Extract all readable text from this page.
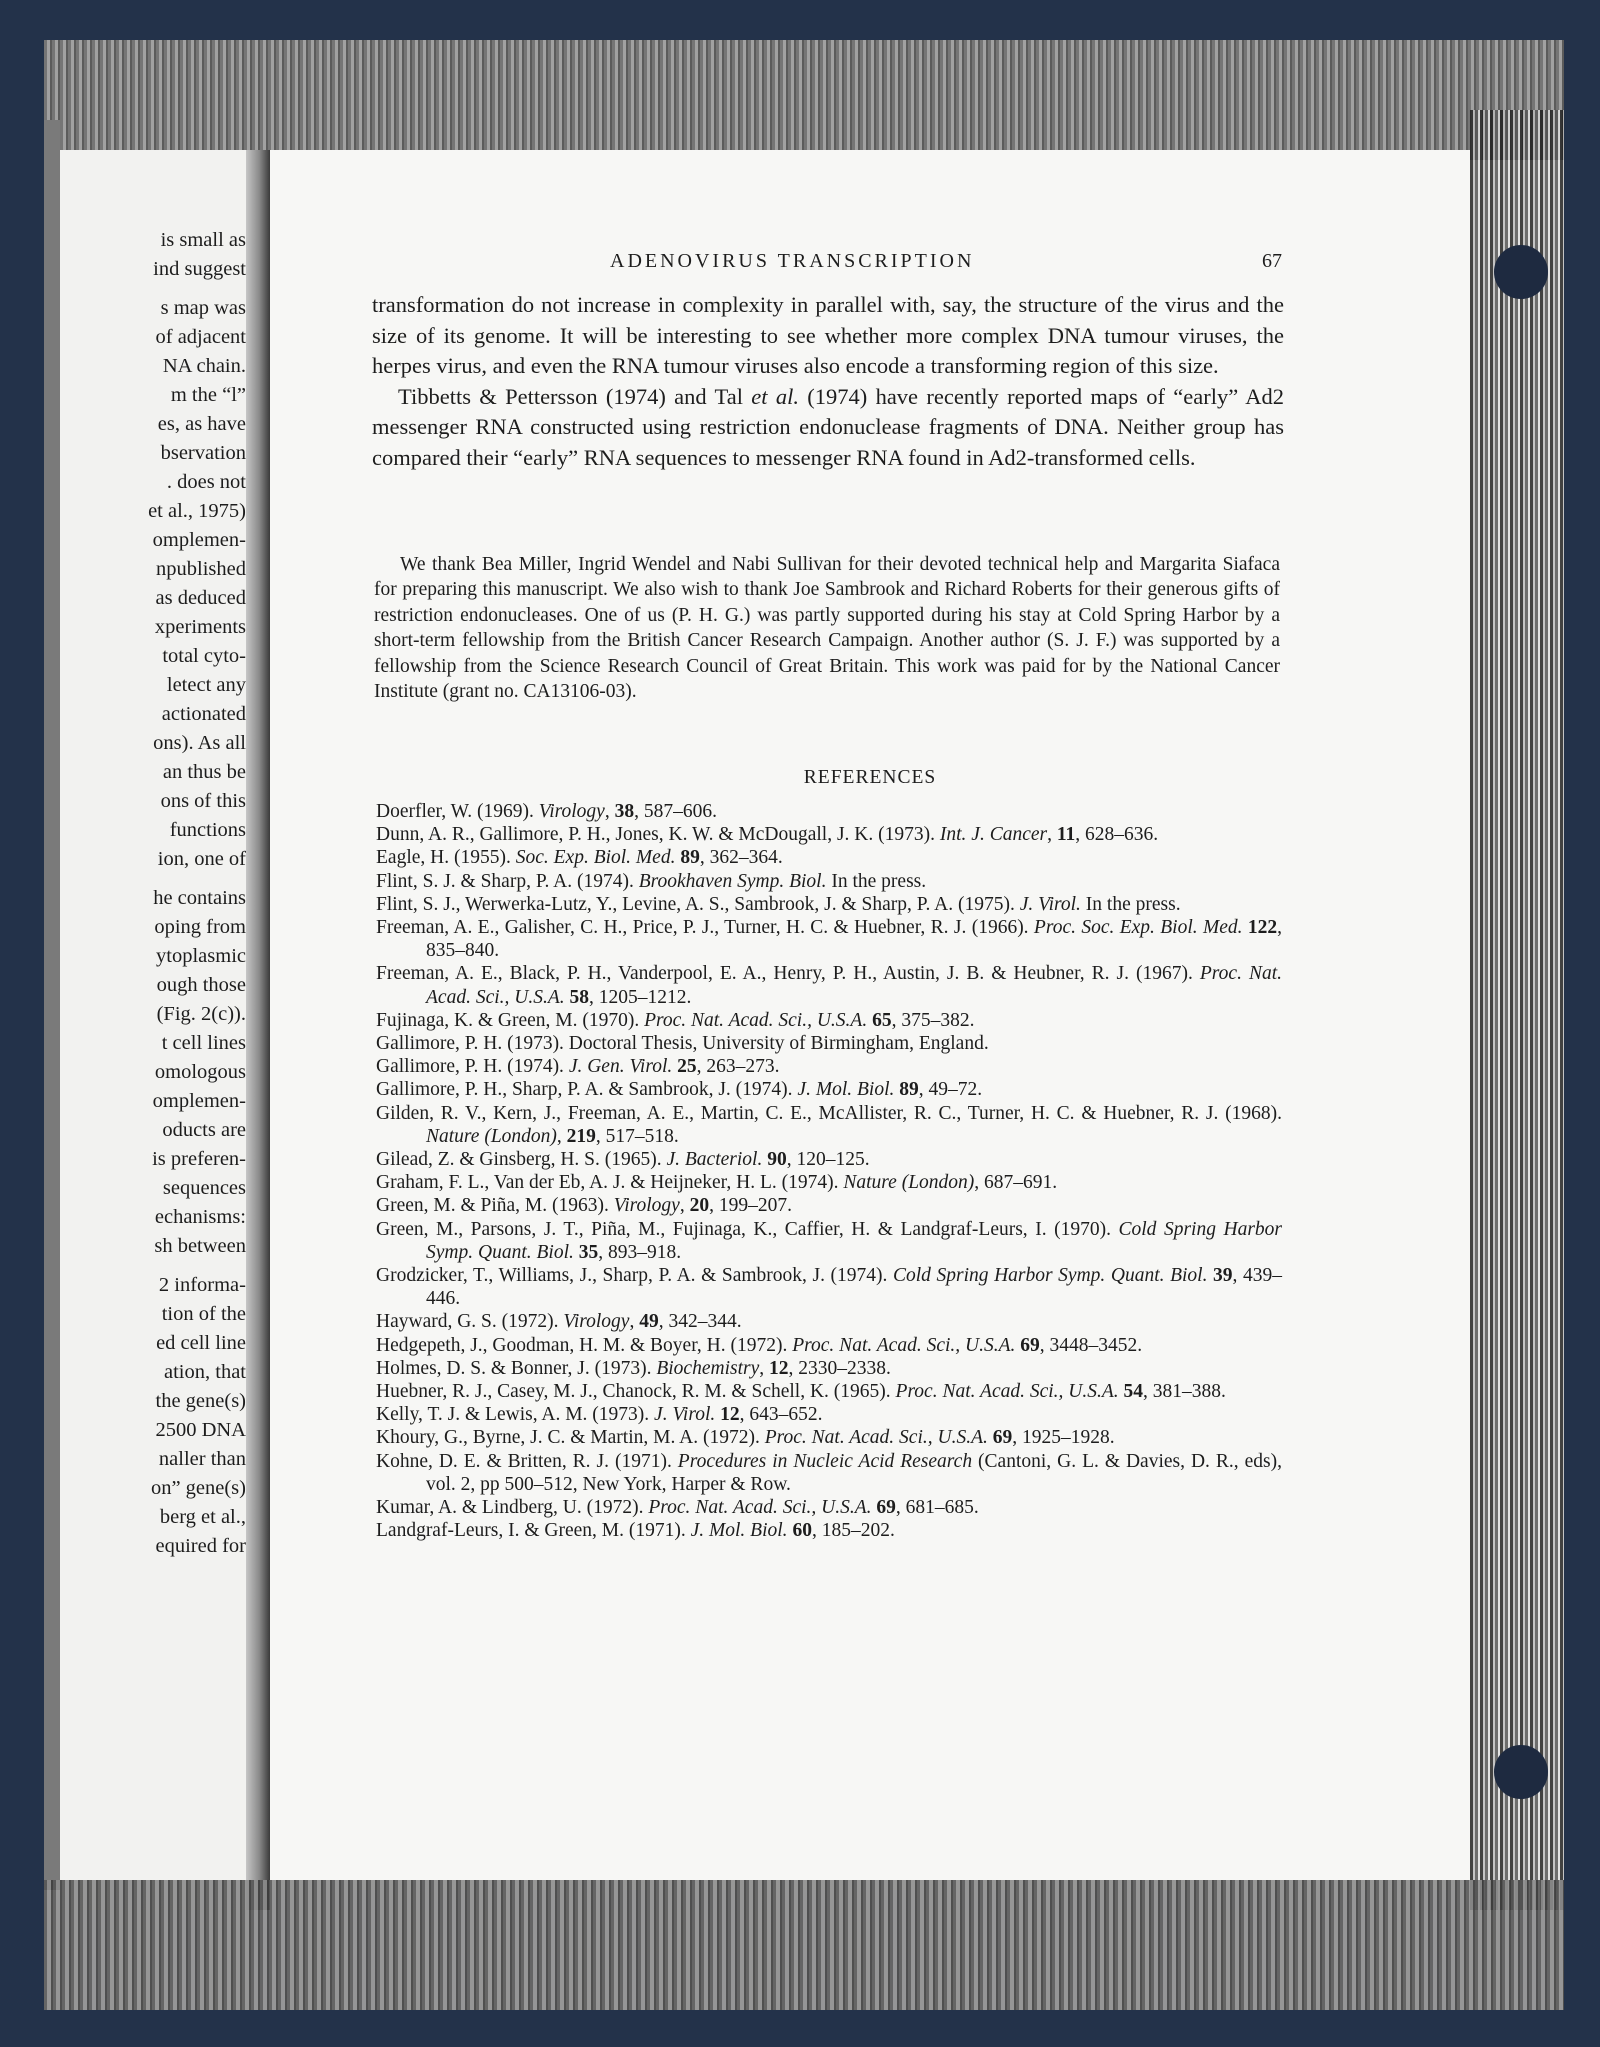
is small as
ind suggest
s map was
of adjacent
NA chain.
m the “l”
es, as have
bservation
. does not
et al., 1975)
omplemen-
npublished
as deduced
xperiments
total cyto-
letect any
actionated
ons). As all
an thus be
ons of this
functions
ion, one of
he contains
oping from
ytoplasmic
ough those
(Fig. 2(c)).
t cell lines
omologous
omplemen-
oducts are
is preferen-
sequences
echanisms:
sh between
2 informa-
tion of the
ed cell line
ation, that
the gene(s)
2500 DNA
naller than
on” gene(s)
berg et al.,
equired for
ADENOVIRUS TRANSCRIPTION	67

transformation do not increase in complexity in parallel with, say, the structure of the virus and the size of its genome. It will be interesting to see whether more complex DNA tumour viruses, the herpes virus, and even the RNA tumour viruses also encode a transforming region of this size.

Tibbetts & Pettersson (1974) and Tal et al. (1974) have recently reported maps of “early” Ad2 messenger RNA constructed using restriction endonuclease fragments of DNA. Neither group has compared their “early” RNA sequences to messenger RNA found in Ad2-transformed cells.

We thank Bea Miller, Ingrid Wendel and Nabi Sullivan for their devoted technical help and Margarita Siafaca for preparing this manuscript. We also wish to thank Joe Sambrook and Richard Roberts for their generous gifts of restriction endonucleases. One of us (P. H. G.) was partly supported during his stay at Cold Spring Harbor by a short-term fellowship from the British Cancer Research Campaign. Another author (S. J. F.) was supported by a fellowship from the Science Research Council of Great Britain. This work was paid for by the National Cancer Institute (grant no. CA13106-03).

REFERENCES
Doerfler, W. (1969). Virology, 38, 587–606.
Dunn, A. R., Gallimore, P. H., Jones, K. W. & McDougall, J. K. (1973). Int. J. Cancer, 11, 628–636.
Eagle, H. (1955). Soc. Exp. Biol. Med. 89, 362–364.
Flint, S. J. & Sharp, P. A. (1974). Brookhaven Symp. Biol. In the press.
Flint, S. J., Werwerka-Lutz, Y., Levine, A. S., Sambrook, J. & Sharp, P. A. (1975). J. Virol. In the press.
Freeman, A. E., Galisher, C. H., Price, P. J., Turner, H. C. & Huebner, R. J. (1966). Proc. Soc. Exp. Biol. Med. 122, 835–840.
Freeman, A. E., Black, P. H., Vanderpool, E. A., Henry, P. H., Austin, J. B. & Heubner, R. J. (1967). Proc. Nat. Acad. Sci., U.S.A. 58, 1205–1212.
Fujinaga, K. & Green, M. (1970). Proc. Nat. Acad. Sci., U.S.A. 65, 375–382.
Gallimore, P. H. (1973). Doctoral Thesis, University of Birmingham, England.
Gallimore, P. H. (1974). J. Gen. Virol. 25, 263–273.
Gallimore, P. H., Sharp, P. A. & Sambrook, J. (1974). J. Mol. Biol. 89, 49–72.
Gilden, R. V., Kern, J., Freeman, A. E., Martin, C. E., McAllister, R. C., Turner, H. C. & Huebner, R. J. (1968). Nature (London), 219, 517–518.
Gilead, Z. & Ginsberg, H. S. (1965). J. Bacteriol. 90, 120–125.
Graham, F. L., Van der Eb, A. J. & Heijneker, H. L. (1974). Nature (London), 687–691.
Green, M. & Piña, M. (1963). Virology, 20, 199–207.
Green, M., Parsons, J. T., Piña, M., Fujinaga, K., Caffier, H. & Landgraf-Leurs, I. (1970). Cold Spring Harbor Symp. Quant. Biol. 35, 893–918.
Grodzicker, T., Williams, J., Sharp, P. A. & Sambrook, J. (1974). Cold Spring Harbor Symp. Quant. Biol. 39, 439–446.
Hayward, G. S. (1972). Virology, 49, 342–344.
Hedgepeth, J., Goodman, H. M. & Boyer, H. (1972). Proc. Nat. Acad. Sci., U.S.A. 69, 3448–3452.
Holmes, D. S. & Bonner, J. (1973). Biochemistry, 12, 2330–2338.
Huebner, R. J., Casey, M. J., Chanock, R. M. & Schell, K. (1965). Proc. Nat. Acad. Sci., U.S.A. 54, 381–388.
Kelly, T. J. & Lewis, A. M. (1973). J. Virol. 12, 643–652.
Khoury, G., Byrne, J. C. & Martin, M. A. (1972). Proc. Nat. Acad. Sci., U.S.A. 69, 1925–1928.
Kohne, D. E. & Britten, R. J. (1971). Procedures in Nucleic Acid Research (Cantoni, G. L. & Davies, D. R., eds), vol. 2, pp 500–512, New York, Harper & Row.
Kumar, A. & Lindberg, U. (1972). Proc. Nat. Acad. Sci., U.S.A. 69, 681–685.
Landgraf-Leurs, I. & Green, M. (1971). J. Mol. Biol. 60, 185–202.
